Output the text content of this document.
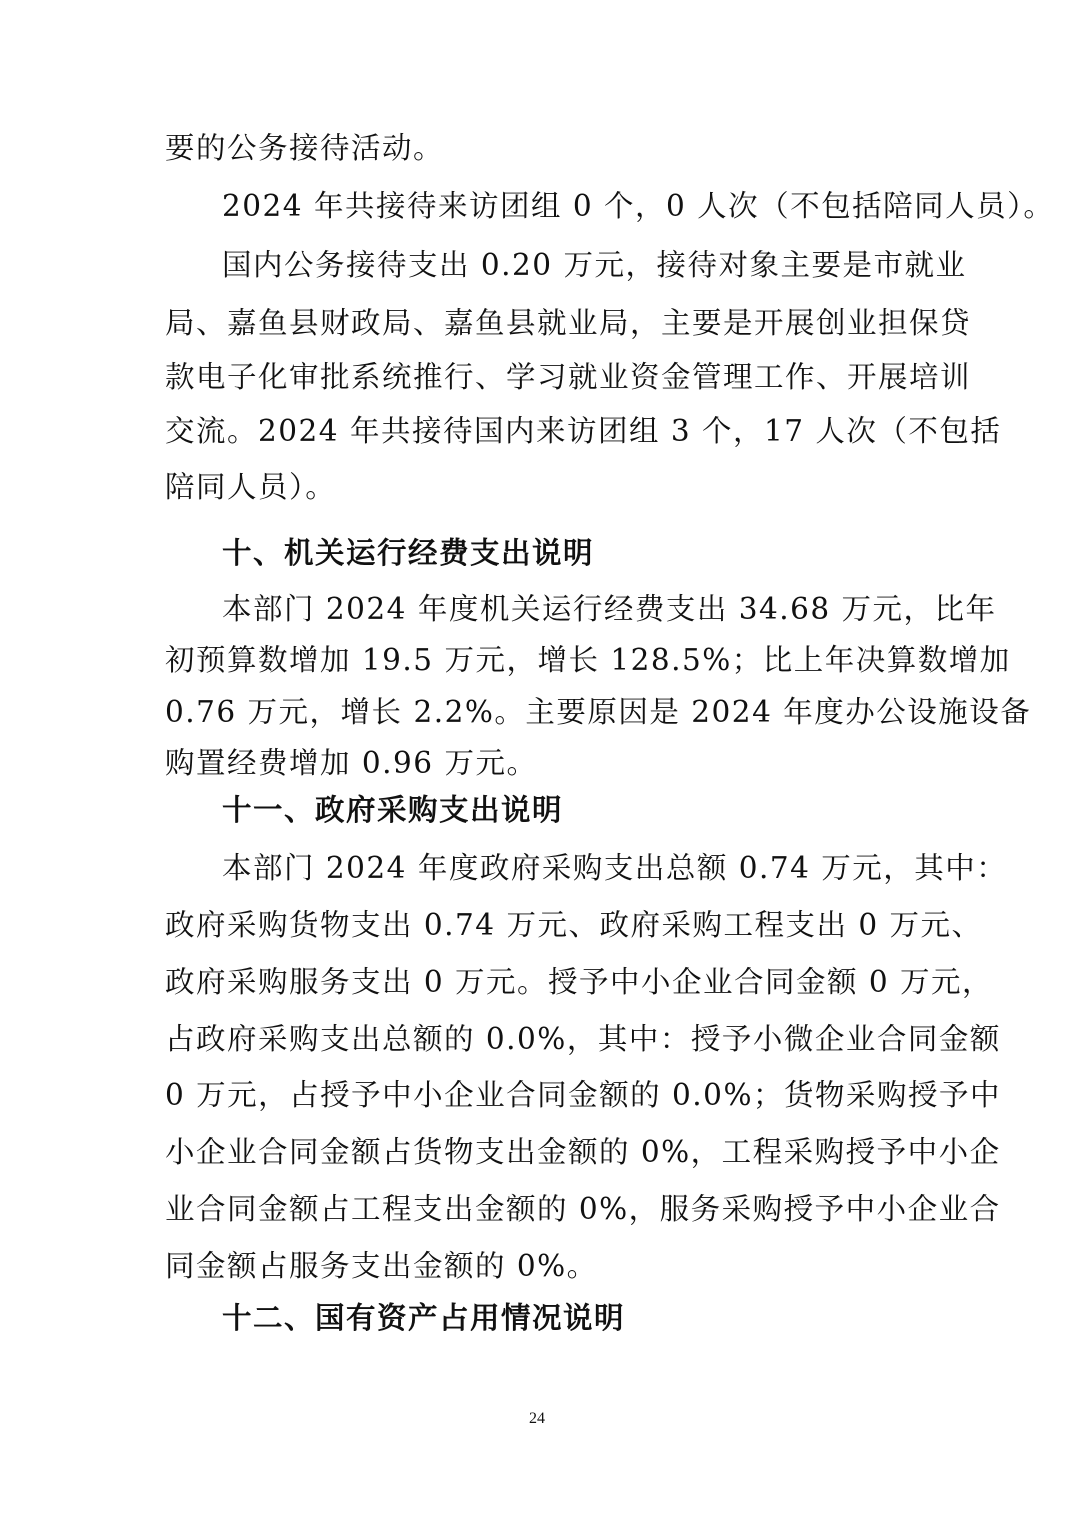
要的公务接待活动。
2024 年共接待来访团组 0 个，0 人次（不包括陪同人员）。
国内公务接待支出 0.20 万元，接待对象主要是市就业
局、嘉鱼县财政局、嘉鱼县就业局，主要是开展创业担保贷
款电子化审批系统推行、学习就业资金管理工作、开展培训
交流。2024 年共接待国内来访团组 3 个，17 人次（不包括
陪同人员）。
十、机关运行经费支出说明
本部门 2024 年度机关运行经费支出 34.68 万元，比年
初预算数增加 19.5 万元，增长 128.5%；比上年决算数增加
0.76 万元，增长 2.2%。主要原因是 2024 年度办公设施设备
购置经费增加 0.96 万元。
十一、政府采购支出说明
本部门 2024 年度政府采购支出总额 0.74 万元，其中：
政府采购货物支出 0.74 万元、政府采购工程支出 0 万元、
政府采购服务支出 0 万元。授予中小企业合同金额 0 万元，
占政府采购支出总额的 0.0%，其中：授予小微企业合同金额
0 万元，占授予中小企业合同金额的 0.0%；货物采购授予中
小企业合同金额占货物支出金额的 0%，工程采购授予中小企
业合同金额占工程支出金额的 0%，服务采购授予中小企业合
同金额占服务支出金额的 0%。
十二、国有资产占用情况说明
24
